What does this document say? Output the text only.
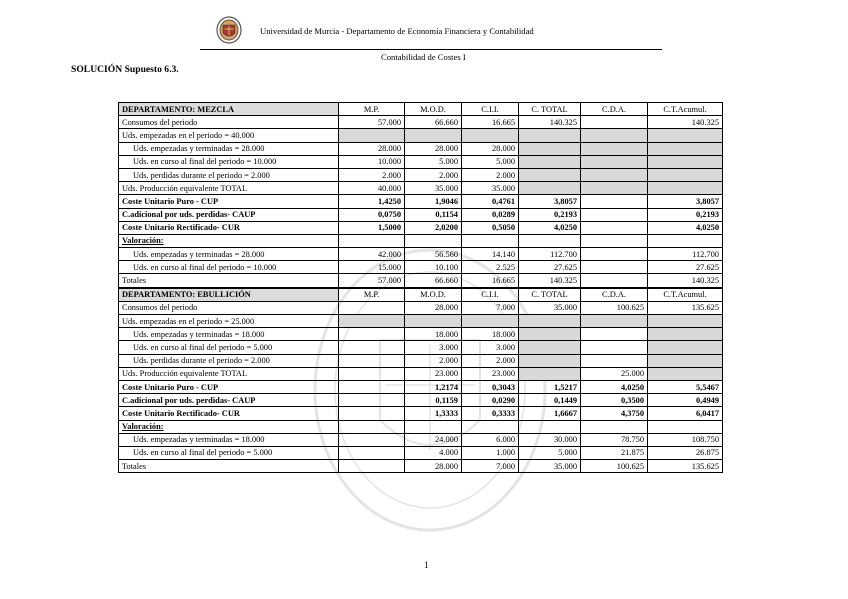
Universidad de Murcia - Departamento de Economía Financiera y Contabilidad
Contabilidad de Costes I
SOLUCIÓN Supuesto 6.3.
DEPARTAMENTO: MEZCLA	M.P.	M.O.D.	C.I.I.	C. TOTAL	C.D.A.	C.T.Acumul.
Consumos del periodo	57.000	66.660	16.665	140.325		140.325
Uds. empezadas en el periodo = 40.000						
Uds. empezadas y terminadas = 28.000	28.000	28.000	28.000			
Uds. en curso al final del periodo = 10.000	10.000	5.000	5.000			
Uds. perdidas durante el periodo = 2.000	2.000	2.000	2.000			
Uds. Producción equivalente TOTAL	40.000	35.000	35.000			
Coste Unitario Puro - CUP	1,4250	1,9046	0,4761	3,8057		3,8057
C.adicional por uds. perdidas- CAUP	0,0750	0,1154	0,0289	0,2193		0,2193
Coste Unitario Rectificado- CUR	1,5000	2,0200	0,5050	4,0250		4,0250
Valoración:						
Uds. empezadas y terminadas = 28.000	42.000	56.560	14.140	112.700		112.700
Uds. en curso al final del periodo = 10.000	15.000	10.100	2.525	27.625		27.625
Totales	57.000	66.660	16.665	140.325		140.325
DEPARTAMENTO: EBULLICIÓN	M.P.	M.O.D.	C.I.I.	C. TOTAL	C.D.A.	C.T.Acumul.
Consumos del periodo		28.000	7.000	35.000	100.625	135.625
Uds. empezadas en el periodo = 25.000						
Uds. empezadas y terminadas = 18.000		18.000	18.000			
Uds. en curso al final del periodo = 5.000		3.000	3.000			
Uds. perdidas durante el periodo = 2.000		2.000	2.000			
Uds. Producción equivalente TOTAL		23.000	23.000		25.000	
Coste Unitario Puro - CUP		1,2174	0,3043	1,5217	4,0250	5,5467
C.adicional por uds. perdidas- CAUP		0,1159	0,0290	0,1449	0,3500	0,4949
Coste Unitario Rectificado- CUR		1,3333	0,3333	1,6667	4,3750	6,0417
Valoración:						
Uds. empezadas y terminadas = 18.000		24.000	6.000	30.000	78.750	108.750
Uds. en curso al final del periodo = 5.000		4.000	1.000	5.000	21.875	26.875
Totales		28.000	7.000	35.000	100.625	135.625
1
